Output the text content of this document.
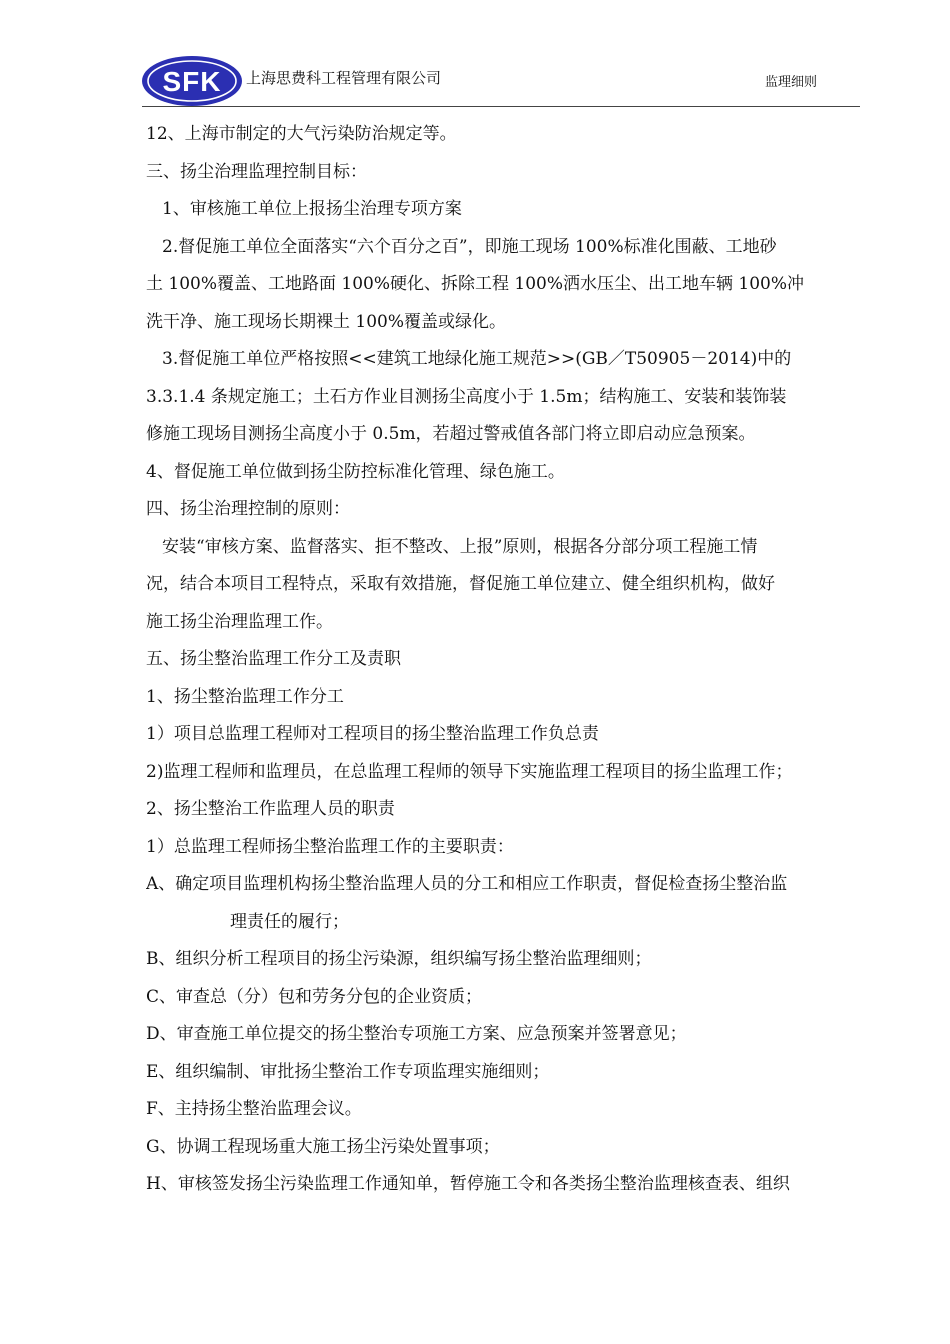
SFK 上海思费科工程管理有限公司	监理细则

12、上海市制定的大气污染防治规定等。

三、扬尘治理监理控制目标：

1、审核施工单位上报扬尘治理专项方案

2.督促施工单位全面落实“六个百分之百”，即施工现场 100%标准化围蔽、工地砂

土 100%覆盖、工地路面 100%硬化、拆除工程 100%洒水压尘、出工地车辆 100%冲

洗干净、施工现场长期裸土 100%覆盖或绿化。

3.督促施工单位严格按照<<建筑工地绿化施工规范>>(GB／T50905－2014)中的

3.3.1.4 条规定施工；土石方作业目测扬尘高度小于 1.5m；结构施工、安装和装饰装

修施工现场目测扬尘高度小于 0.5m，若超过警戒值各部门将立即启动应急预案。

4、督促施工单位做到扬尘防控标准化管理、绿色施工。

四、扬尘治理控制的原则：

安装“审核方案、监督落实、拒不整改、上报”原则，根据各分部分项工程施工情

况，结合本项目工程特点，采取有效措施，督促施工单位建立、健全组织机构，做好

施工扬尘治理监理工作。

五、扬尘整治监理工作分工及责职

1、扬尘整治监理工作分工

1）项目总监理工程师对工程项目的扬尘整治监理工作负总责

2)监理工程师和监理员，在总监理工程师的领导下实施监理工程项目的扬尘监理工作；

2、扬尘整治工作监理人员的职责

1）总监理工程师扬尘整治监理工作的主要职责：

A、确定项目监理机构扬尘整治监理人员的分工和相应工作职责，督促检查扬尘整治监

理责任的履行；

B、组织分析工程项目的扬尘污染源，组织编写扬尘整治监理细则；

C、审查总（分）包和劳务分包的企业资质；

D、审查施工单位提交的扬尘整治专项施工方案、应急预案并签署意见；

E、组织编制、审批扬尘整治工作专项监理实施细则；

F、主持扬尘整治监理会议。

G、协调工程现场重大施工扬尘污染处置事项；

H、审核签发扬尘污染监理工作通知单，暂停施工令和各类扬尘整治监理核查表、组织
